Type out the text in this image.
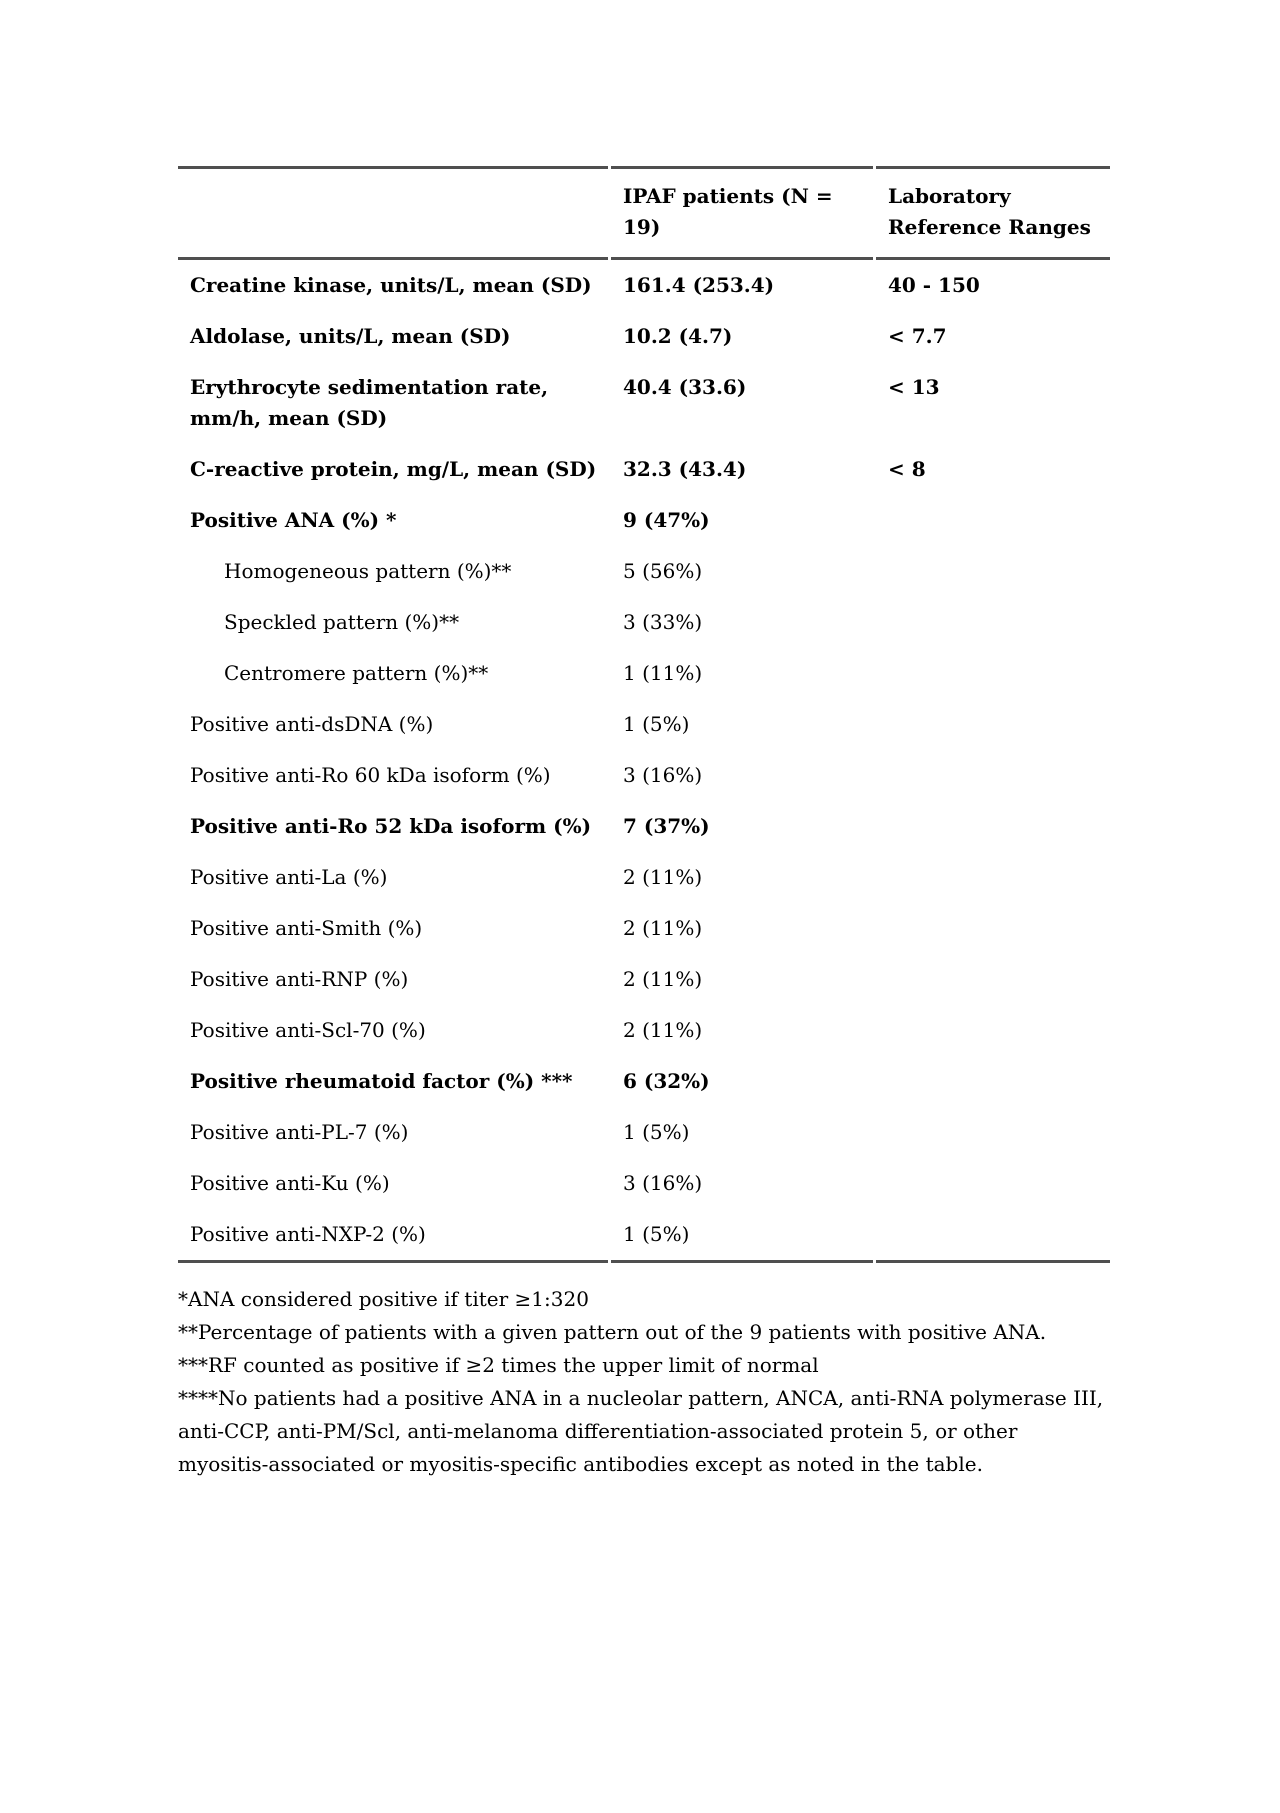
	IPAF patients (N = 19)	Laboratory Reference Ranges
Creatine kinase, units/L, mean (SD)	161.4 (253.4)	40 - 150
Aldolase, units/L, mean (SD)	10.2 (4.7)	< 7.7
Erythrocyte sedimentation rate, mm/h, mean (SD)	40.4 (33.6)	< 13
C-reactive protein, mg/L, mean (SD)	32.3 (43.4)	< 8
Positive ANA (%) *	9 (47%)	
Homogeneous pattern (%)**	5 (56%)	
Speckled pattern (%)**	3 (33%)	
Centromere pattern (%)**	1 (11%)	
Positive anti-dsDNA (%)	1 (5%)	
Positive anti-Ro 60 kDa isoform (%)	3 (16%)	
Positive anti-Ro 52 kDa isoform (%)	7 (37%)	
Positive anti-La (%)	2 (11%)	
Positive anti-Smith (%)	2 (11%)	
Positive anti-RNP (%)	2 (11%)	
Positive anti-Scl-70 (%)	2 (11%)	
Positive rheumatoid factor (%) ***	6 (32%)	
Positive anti-PL-7 (%)	1 (5%)	
Positive anti-Ku (%)	3 (16%)	
Positive anti-NXP-2 (%)	1 (5%)	

*ANA considered positive if titer ≥1:320

**Percentage of patients with a given pattern out of the 9 patients with positive ANA.

***RF counted as positive if ≥2 times the upper limit of normal

****No patients had a positive ANA in a nucleolar pattern, ANCA, anti-RNA polymerase III, anti-CCP, anti-PM/Scl, anti-melanoma differentiation-associated protein 5, or other myositis-associated or myositis-specific antibodies except as noted in the table.
